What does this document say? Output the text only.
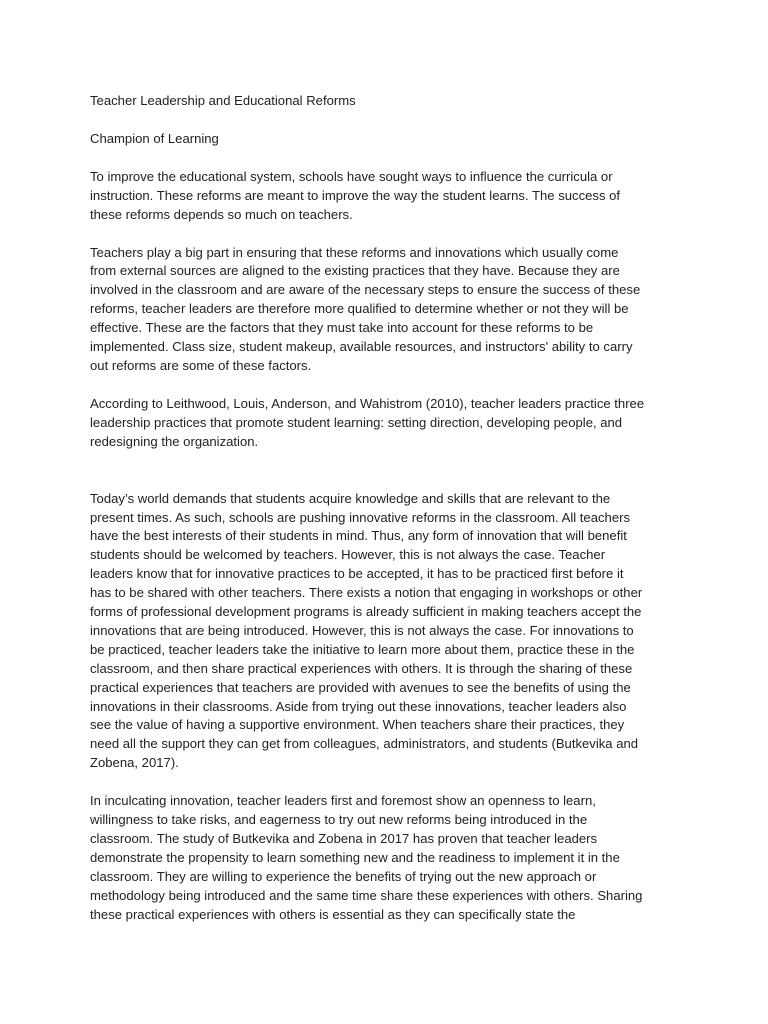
Teacher Leadership and Educational Reforms

Champion of Learning

To improve the educational system, schools have sought ways to influence the curricula or

instruction. These reforms are meant to improve the way the student learns. The success of

these reforms depends so much on teachers.

Teachers play a big part in ensuring that these reforms and innovations which usually come

from external sources are aligned to the existing practices that they have. Because they are

involved in the classroom and are aware of the necessary steps to ensure the success of these

reforms, teacher leaders are therefore more qualified to determine whether or not they will be

effective. These are the factors that they must take into account for these reforms to be

implemented. Class size, student makeup, available resources, and instructors' ability to carry

out reforms are some of these factors.

According to Leithwood, Louis, Anderson, and Wahistrom (2010), teacher leaders practice three

leadership practices that promote student learning: setting direction, developing people, and

redesigning the organization.

Today’s world demands that students acquire knowledge and skills that are relevant to the

present times. As such, schools are pushing innovative reforms in the classroom. All teachers

have the best interests of their students in mind. Thus, any form of innovation that will benefit

students should be welcomed by teachers. However, this is not always the case. Teacher

leaders know that for innovative practices to be accepted, it has to be practiced first before it

has to be shared with other teachers. There exists a notion that engaging in workshops or other

forms of professional development programs is already sufficient in making teachers accept the

innovations that are being introduced. However, this is not always the case. For innovations to

be practiced, teacher leaders take the initiative to learn more about them, practice these in the

classroom, and then share practical experiences with others. It is through the sharing of these

practical experiences that teachers are provided with avenues to see the benefits of using the

innovations in their classrooms. Aside from trying out these innovations, teacher leaders also

see the value of having a supportive environment. When teachers share their practices, they

need all the support they can get from colleagues, administrators, and students (Butkevika and

Zobena, 2017).

In inculcating innovation, teacher leaders first and foremost show an openness to learn,

willingness to take risks, and eagerness to try out new reforms being introduced in the

classroom. The study of Butkevika and Zobena in 2017 has proven that teacher leaders

demonstrate the propensity to learn something new and the readiness to implement it in the

classroom. They are willing to experience the benefits of trying out the new approach or

methodology being introduced and the same time share these experiences with others. Sharing

these practical experiences with others is essential as they can specifically state the
